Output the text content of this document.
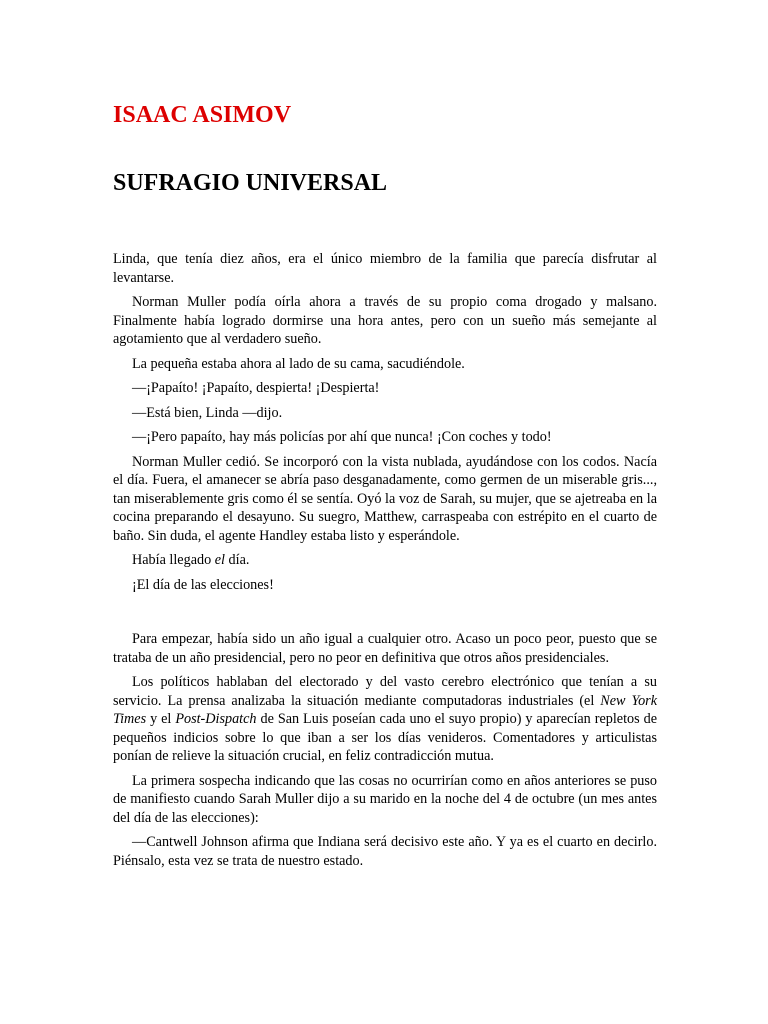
ISAAC ASIMOV
SUFRAGIO UNIVERSAL

Linda, que tenía diez años, era el único miembro de la familia que parecía disfrutar al levantarse.

Norman Muller podía oírla ahora a través de su propio coma drogado y malsano. Finalmente había logrado dormirse una hora antes, pero con un sueño más semejante al agotamiento que al verdadero sueño.

La pequeña estaba ahora al lado de su cama, sacudiéndole.

—¡Papaíto! ¡Papaíto, despierta! ¡Despierta!

—Está bien, Linda —dijo.

—¡Pero papaíto, hay más policías por ahí que nunca! ¡Con coches y todo!

Norman Muller cedió. Se incorporó con la vista nublada, ayudándose con los codos. Nacía el día. Fuera, el amanecer se abría paso desganadamente, como germen de un miserable gris..., tan miserablemente gris como él se sentía. Oyó la voz de Sarah, su mujer, que se ajetreaba en la cocina preparando el desayuno. Su suegro, Matthew, carraspeaba con estrépito en el cuarto de baño. Sin duda, el agente Handley estaba listo y esperándole.

Había llegado el día.

¡El día de las elecciones!

Para empezar, había sido un año igual a cualquier otro. Acaso un poco peor, puesto que se trataba de un año presidencial, pero no peor en definitiva que otros años presidenciales.

Los políticos hablaban del electorado y del vasto cerebro electrónico que tenían a su servicio. La prensa analizaba la situación mediante computadoras industriales (el New York Times y el Post-Dispatch de San Luis poseían cada uno el suyo propio) y aparecían repletos de pequeños indicios sobre lo que iban a ser los días venideros. Comentadores y articulistas ponían de relieve la situación crucial, en feliz contradicción mutua.

La primera sospecha indicando que las cosas no ocurrirían como en años anteriores se puso de manifiesto cuando Sarah Muller dijo a su marido en la noche del 4 de octubre (un mes antes del día de las elecciones):

—Cantwell Johnson afirma que Indiana será decisivo este año. Y ya es el cuarto en decirlo. Piénsalo, esta vez se trata de nuestro estado.
